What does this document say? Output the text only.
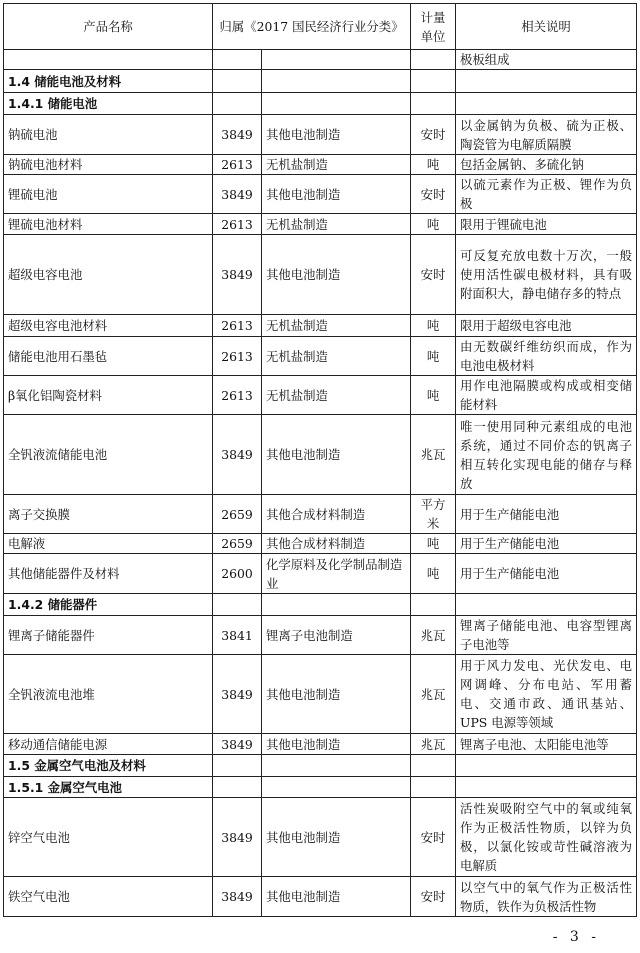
产品名称	归属《2017 国民经济行业分类》		计量单位	相关说明
				极板组成
1.4 储能电池及材料				
1.4.1 储能电池				
钠硫电池	3849	其他电池制造	安时	以金属钠为负极、硫为正极、陶瓷管为电解质隔膜
钠硫电池材料	2613	无机盐制造	吨	包括金属钠、多硫化钠
锂硫电池	3849	其他电池制造	安时	以硫元素作为正极、锂作为负极
锂硫电池材料	2613	无机盐制造	吨	限用于锂硫电池
超级电容电池	3849	其他电池制造	安时	可反复充放电数十万次，一般使用活性碳电极材料，具有吸附面积大，静电储存多的特点
超级电容电池材料	2613	无机盐制造	吨	限用于超级电容电池
储能电池用石墨毡	2613	无机盐制造	吨	由无数碳纤维纺织而成，作为电池电极材料
β氧化铝陶瓷材料	2613	无机盐制造	吨	用作电池隔膜或构成或相变储能材料
全钒液流储能电池	3849	其他电池制造	兆瓦	唯一使用同种元素组成的电池系统，通过不同价态的钒离子相互转化实现电能的储存与释放
离子交换膜	2659	其他合成材料制造	平方米	用于生产储能电池
电解液	2659	其他合成材料制造	吨	用于生产储能电池
其他储能器件及材料	2600	化学原料及化学制品制造业	吨	用于生产储能电池
1.4.2 储能器件				
锂离子储能器件	3841	锂离子电池制造	兆瓦	锂离子储能电池、电容型锂离子电池等
全钒液流电池堆	3849	其他电池制造	兆瓦	用于风力发电、光伏发电、电网调峰、分布电站、军用蓄电、交通市政、通讯基站、UPS 电源等领域
移动通信储能电源	3849	其他电池制造	兆瓦	锂离子电池、太阳能电池等
1.5 金属空气电池及材料				
1.5.1 金属空气电池				
锌空气电池	3849	其他电池制造	安时	活性炭吸附空气中的氧或纯氧作为正极活性物质，以锌为负极，以氯化铵或苛性碱溶液为电解质
铁空气电池	3849	其他电池制造	安时	以空气中的氧气作为正极活性物质，铁作为负极活性物
- 3 -
